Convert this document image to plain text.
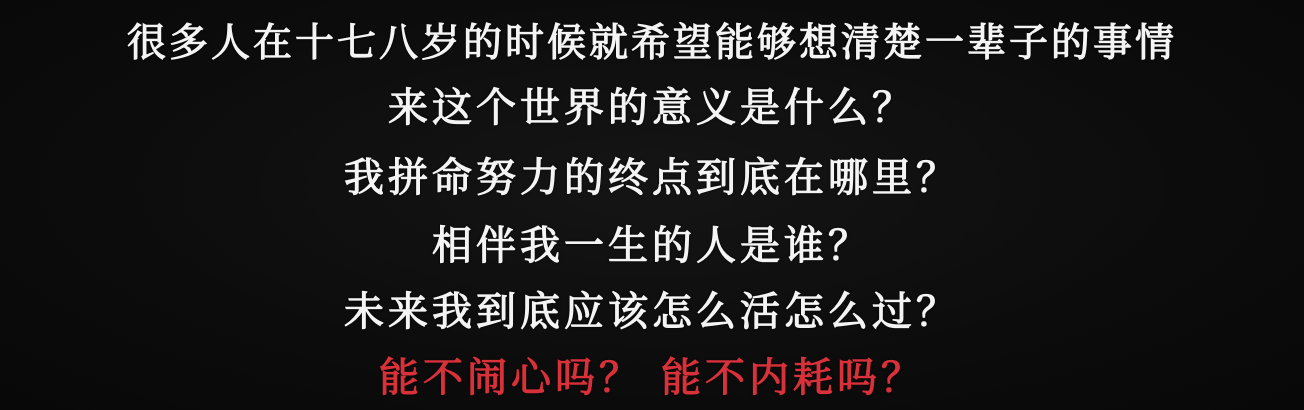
很多人在十七八岁的时候就希望能够想清楚一辈子的事情
来这个世界的意义是什么？
我拼命努力的终点到底在哪里？
相伴我一生的人是谁？
未来我到底应该怎么活怎么过？
能不闹心吗？ 能不内耗吗？
